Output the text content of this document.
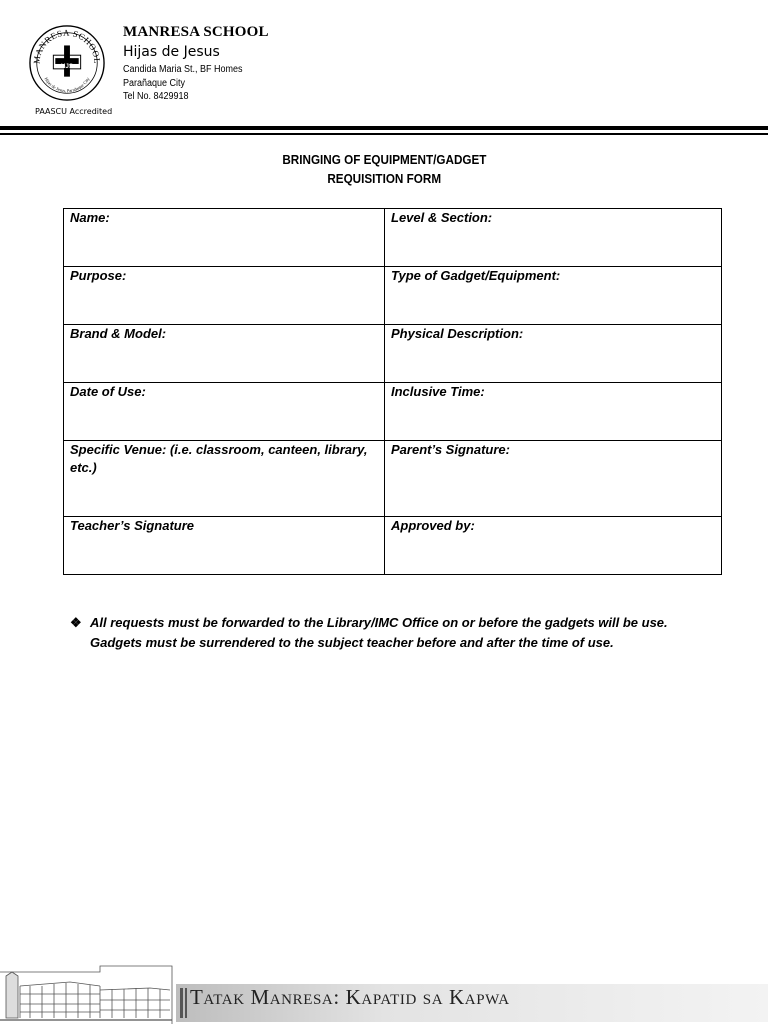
MANRESA SCHOOL
Hijas de Jesus, Parañaque City
HJS
PAASCU Accredited
MANRESA SCHOOL
Hijas de Jesus
Candida Maria St., BF Homes
Parañaque City
Tel No. 8429918
BRINGING OF EQUIPMENT/GADGET
REQUISITION FORM
Name:	Level & Section:

Purpose:	Type of Gadget/Equipment:

Brand & Model:	Physical Description:

Date of Use:	Inclusive Time:

Specific Venue: (i.e. classroom, canteen, library, etc.)	Parent’s Signature:

Teacher’s Signature	Approved by:
❖ All requests must be forwarded to the Library/IMC Office on or before the gadgets will be use. Gadgets must be surrendered to the subject teacher before and after the time of use.
Tatak Manresa: Kapatid sa Kapwa
